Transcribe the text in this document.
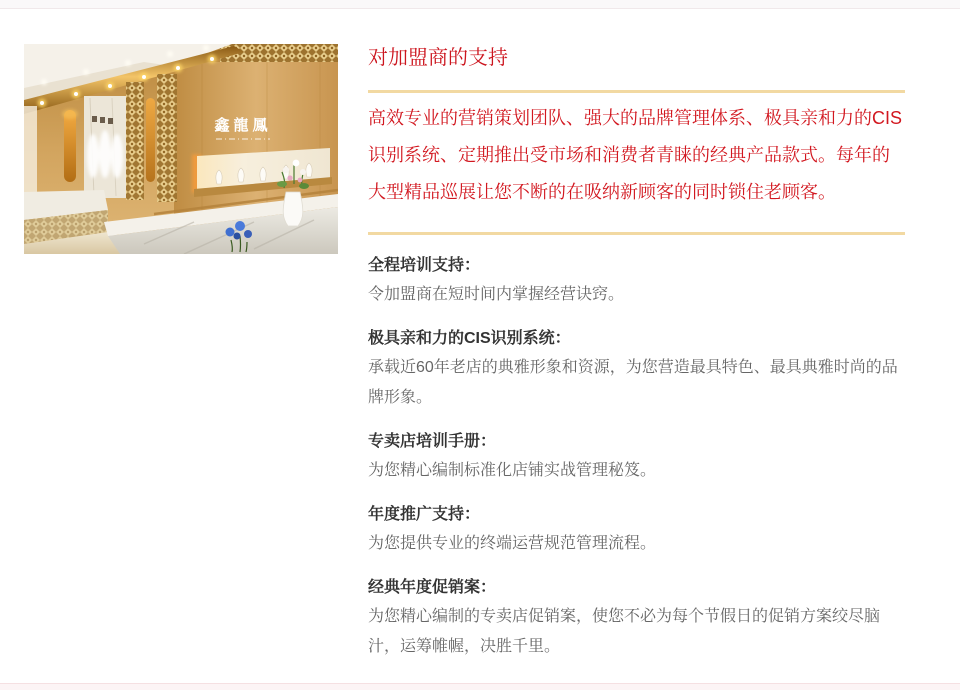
鑫龍鳳
对加盟商的支持

高效专业的营销策划团队、强大的品牌管理体系、极具亲和力的CIS识别系统、定期推出受市场和消费者青睐的经典产品款式。每年的大型精品巡展让您不断的在吸纳新顾客的同时锁住老顾客。

全程培训支持：

令加盟商在短时间内掌握经营诀窍。

极具亲和力的CIS识别系统：

承载近60年老店的典雅形象和资源，为您营造最具特色、最具典雅时尚的品牌形象。

专卖店培训手册：

为您精心编制标准化店铺实战管理秘笈。

年度推广支持：

为您提供专业的终端运营规范管理流程。

经典年度促销案：

为您精心编制的专卖店促销案，使您不必为每个节假日的促销方案绞尽脑汁，运筹帷幄，决胜千里。
